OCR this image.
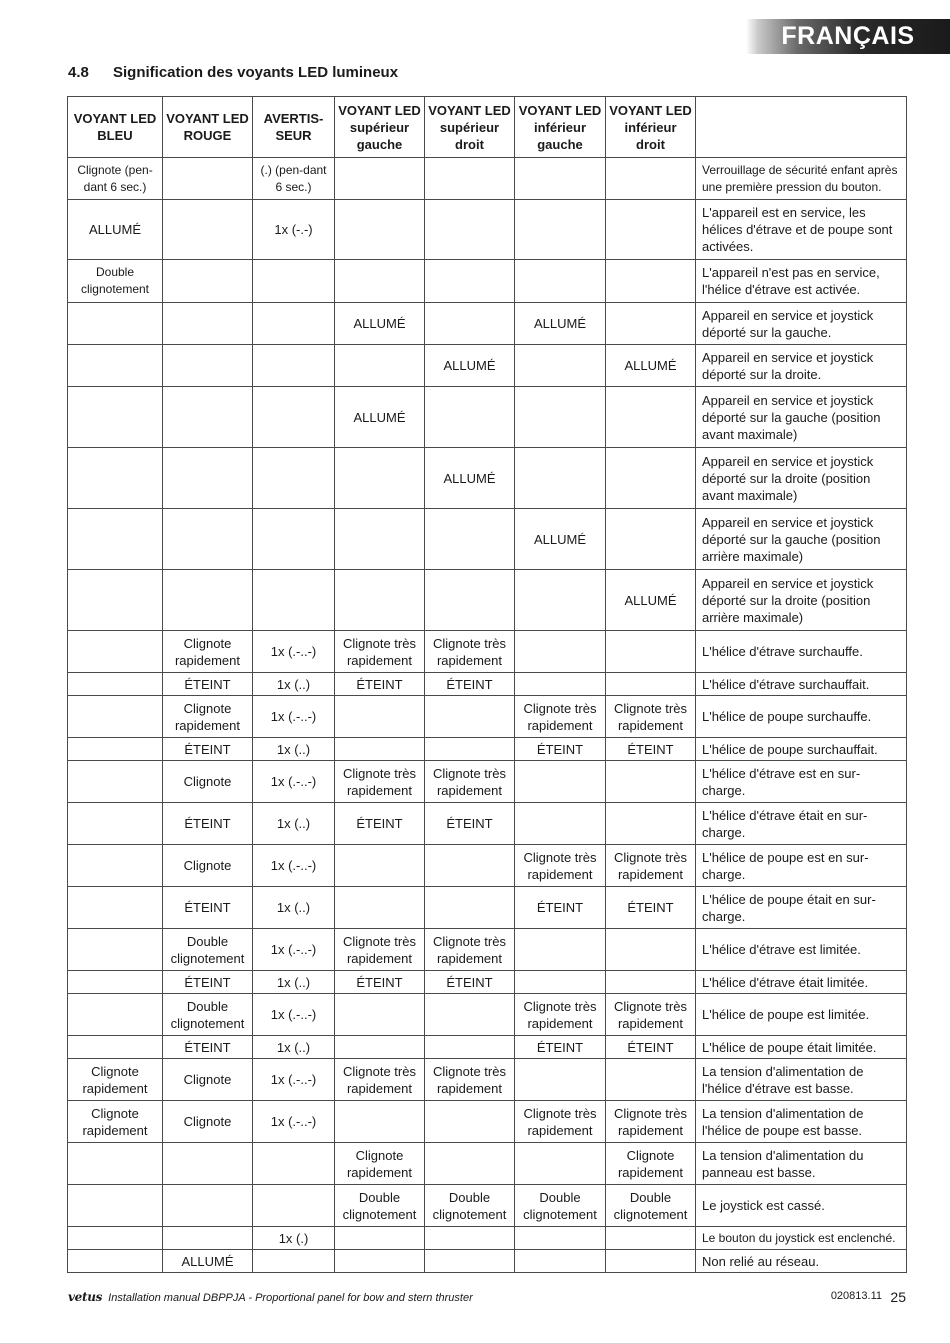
FRANÇAIS
4.8 Signification des voyants LED lumineux
VOYANT LED BLEU	VOYANT LED ROUGE	AVERTIS-SEUR	VOYANT LED supérieur gauche	VOYANT LED supérieur droit	VOYANT LED inférieur gauche	VOYANT LED inférieur droit	
Clignote (pen-dant 6 sec.)		(.) (pen-dant 6 sec.)					Verrouillage de sécurité enfant après une première pression du bouton.
ALLUMÉ		1x (-.-)					L'appareil est en service, les hélices d'étrave et de poupe sont activées.
Double clignotement							L'appareil n'est pas en service, l'hélice d'étrave est activée.
			ALLUMÉ		ALLUMÉ		Appareil en service et joystick déporté sur la gauche.
				ALLUMÉ		ALLUMÉ	Appareil en service et joystick déporté sur la droite.
			ALLUMÉ				Appareil en service et joystick déporté sur la gauche (position avant maximale)
				ALLUMÉ			Appareil en service et joystick déporté sur la droite (position avant maximale)
					ALLUMÉ		Appareil en service et joystick déporté sur la gauche (position arrière maximale)
						ALLUMÉ	Appareil en service et joystick déporté sur la droite (position arrière maximale)
	Clignote rapidement	1x (.-..-)	Clignote très rapidement	Clignote très rapidement			L'hélice d'étrave surchauffe.
	ÉTEINT	1x (..)	ÉTEINT	ÉTEINT			L'hélice d'étrave surchauffait.
	Clignote rapidement	1x (.-..-)			Clignote très rapidement	Clignote très rapidement	L'hélice de poupe surchauffe.
	ÉTEINT	1x (..)			ÉTEINT	ÉTEINT	L'hélice de poupe surchauffait.
	Clignote	1x (.-..-)	Clignote très rapidement	Clignote très rapidement			L'hélice d'étrave est en sur-charge.
	ÉTEINT	1x (..)	ÉTEINT	ÉTEINT			L'hélice d'étrave était en sur-charge.
	Clignote	1x (.-..-)			Clignote très rapidement	Clignote très rapidement	L'hélice de poupe est en sur-charge.
	ÉTEINT	1x (..)			ÉTEINT	ÉTEINT	L'hélice de poupe était en sur-charge.
	Double clignotement	1x (.-..-)	Clignote très rapidement	Clignote très rapidement			L'hélice d'étrave est limitée.
	ÉTEINT	1x (..)	ÉTEINT	ÉTEINT			L'hélice d'étrave était limitée.
	Double clignotement	1x (.-..-)			Clignote très rapidement	Clignote très rapidement	L'hélice de poupe est limitée.
	ÉTEINT	1x (..)			ÉTEINT	ÉTEINT	L'hélice de poupe était limitée.
Clignote rapidement	Clignote	1x (.-..-)	Clignote très rapidement	Clignote très rapidement			La tension d'alimentation de l'hélice d'étrave est basse.
Clignote rapidement	Clignote	1x (.-..-)			Clignote très rapidement	Clignote très rapidement	La tension d'alimentation de l'hélice de poupe est basse.
			Clignote rapidement			Clignote rapidement	La tension d'alimentation du panneau est basse.
			Double clignotement	Double clignotement	Double clignotement	Double clignotement	Le joystick est cassé.
		1x (.)					Le bouton du joystick est enclenché.
	ALLUMÉ						Non relié au réseau.
vetus Installation manual DBPPJA - Proportional panel for bow and stern thruster	020813.11 25
